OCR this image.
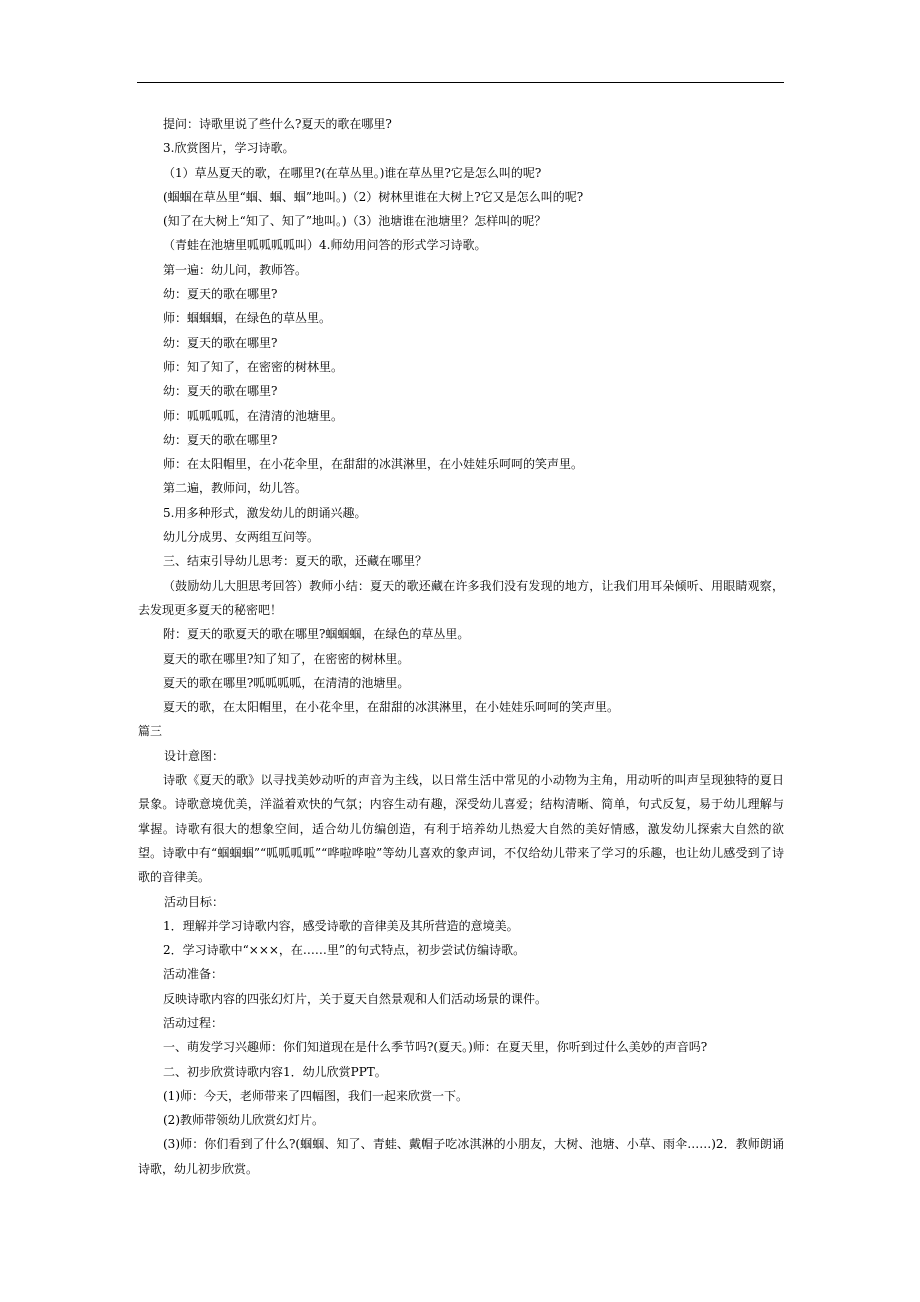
提问：诗歌里说了些什么?夏天的歌在哪里?

3.欣赏图片，学习诗歌。

（1）草丛夏天的歌，在哪里?(在草丛里。)谁在草丛里?它是怎么叫的呢?

(蝈蝈在草丛里“蝈、蝈、蝈”地叫。)（2）树林里谁在大树上?它又是怎么叫的呢?

(知了在大树上“知了、知了”地叫。)（3）池塘谁在池塘里？怎样叫的呢？

（青蛙在池塘里呱呱呱呱叫）4.师幼用问答的形式学习诗歌。

第一遍：幼儿问，教师答。

幼：夏天的歌在哪里?

师：蝈蝈蝈，在绿色的草丛里。

幼：夏天的歌在哪里?

师：知了知了，在密密的树林里。

幼：夏天的歌在哪里?

师：呱呱呱呱，在清清的池塘里。

幼：夏天的歌在哪里?

师：在太阳帽里，在小花伞里，在甜甜的冰淇淋里，在小娃娃乐呵呵的笑声里。

第二遍，教师问，幼儿答。

5.用多种形式，激发幼儿的朗诵兴趣。

幼儿分成男、女两组互问等。

三、结束引导幼儿思考：夏天的歌，还藏在哪里？

（鼓励幼儿大胆思考回答）教师小结：夏天的歌还藏在许多我们没有发现的地方，让我们用耳朵倾听、用眼睛观察，去发现更多夏天的秘密吧！

附：夏天的歌夏天的歌在哪里?蝈蝈蝈，在绿色的草丛里。

夏天的歌在哪里?知了知了，在密密的树林里。

夏天的歌在哪里?呱呱呱呱，在清清的池塘里。

夏天的歌，在太阳帽里，在小花伞里，在甜甜的冰淇淋里，在小娃娃乐呵呵的笑声里。

篇三

设计意图：

诗歌《夏天的歌》以寻找美妙动听的声音为主线，以日常生活中常见的小动物为主角，用动听的叫声呈现独特的夏日景象。诗歌意境优美，洋溢着欢快的气氛；内容生动有趣，深受幼儿喜爱；结构清晰、简单，句式反复，易于幼儿理解与掌握。诗歌有很大的想象空间，适合幼儿仿编创造，有利于培养幼儿热爱大自然的美好情感，激发幼儿探索大自然的欲望。诗歌中有“蝈蝈蝈”“呱呱呱呱”“哗啦哗啦”等幼儿喜欢的象声词，不仅给幼儿带来了学习的乐趣，也让幼儿感受到了诗歌的音律美。

活动目标：

1．理解并学习诗歌内容，感受诗歌的音律美及其所营造的意境美。

2．学习诗歌中“×××，在……里”的句式特点，初步尝试仿编诗歌。

活动准备：

反映诗歌内容的四张幻灯片，关于夏天自然景观和人们活动场景的课件。

活动过程：

一、萌发学习兴趣师：你们知道现在是什么季节吗?(夏天。)师：在夏天里，你听到过什么美妙的声音吗?

二、初步欣赏诗歌内容1．幼儿欣赏PPT。

(1)师：今天，老师带来了四幅图，我们一起来欣赏一下。

(2)教师带领幼儿欣赏幻灯片。

(3)师：你们看到了什么?(蝈蝈、知了、青蛙、戴帽子吃冰淇淋的小朋友，大树、池塘、小草、雨伞……)2．教师朗诵诗歌，幼儿初步欣赏。
